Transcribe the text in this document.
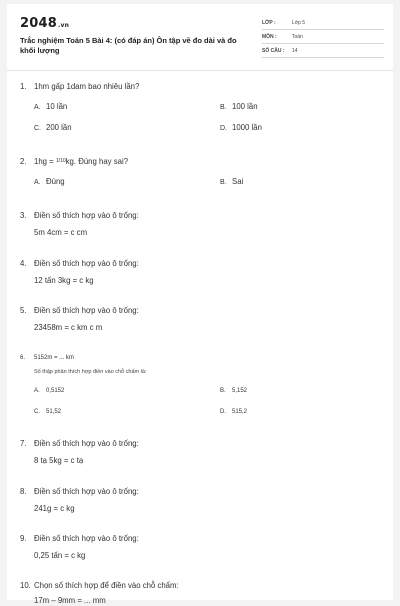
2048.vn
Trắc nghiệm Toán 5 Bài 4: (có đáp án) Ôn tập về đo dài và đo khối lượng
LỚP :	Lớp 5
MÔN :	Toán
SỐ CÂU : 14
1. 1hm gấp 1dam bao nhiêu lần?
A. 10 lần	B. 100 lần
C. 200 lần	D. 1000 lần
2. 1hg = $^{1/10}$kg. Đúng hay sai?
A. Đúng	B. Sai
3. Điền số thích hợp vào ô trống:
5m 4cm = c cm
4. Điền số thích hợp vào ô trống:
12 tấn 3kg = c kg
5. Điền số thích hợp vào ô trống:
23458m = c km c m
6. 5152m = ... km
Số thập phân thích hợp điền vào chỗ chấm là:
A. 0,5152	B. 5,152
C. 51,52	D. 515,2
7. Điền số thích hợp vào ô trống:
8 tạ 5kg = c tạ
8. Điền số thích hợp vào ô trống:
241g = c kg
9. Điền số thích hợp vào ô trống:
0,25 tấn = c kg
10. Chọn số thích hợp để điền vào chỗ chấm:
17m – 9mm = ... mm
